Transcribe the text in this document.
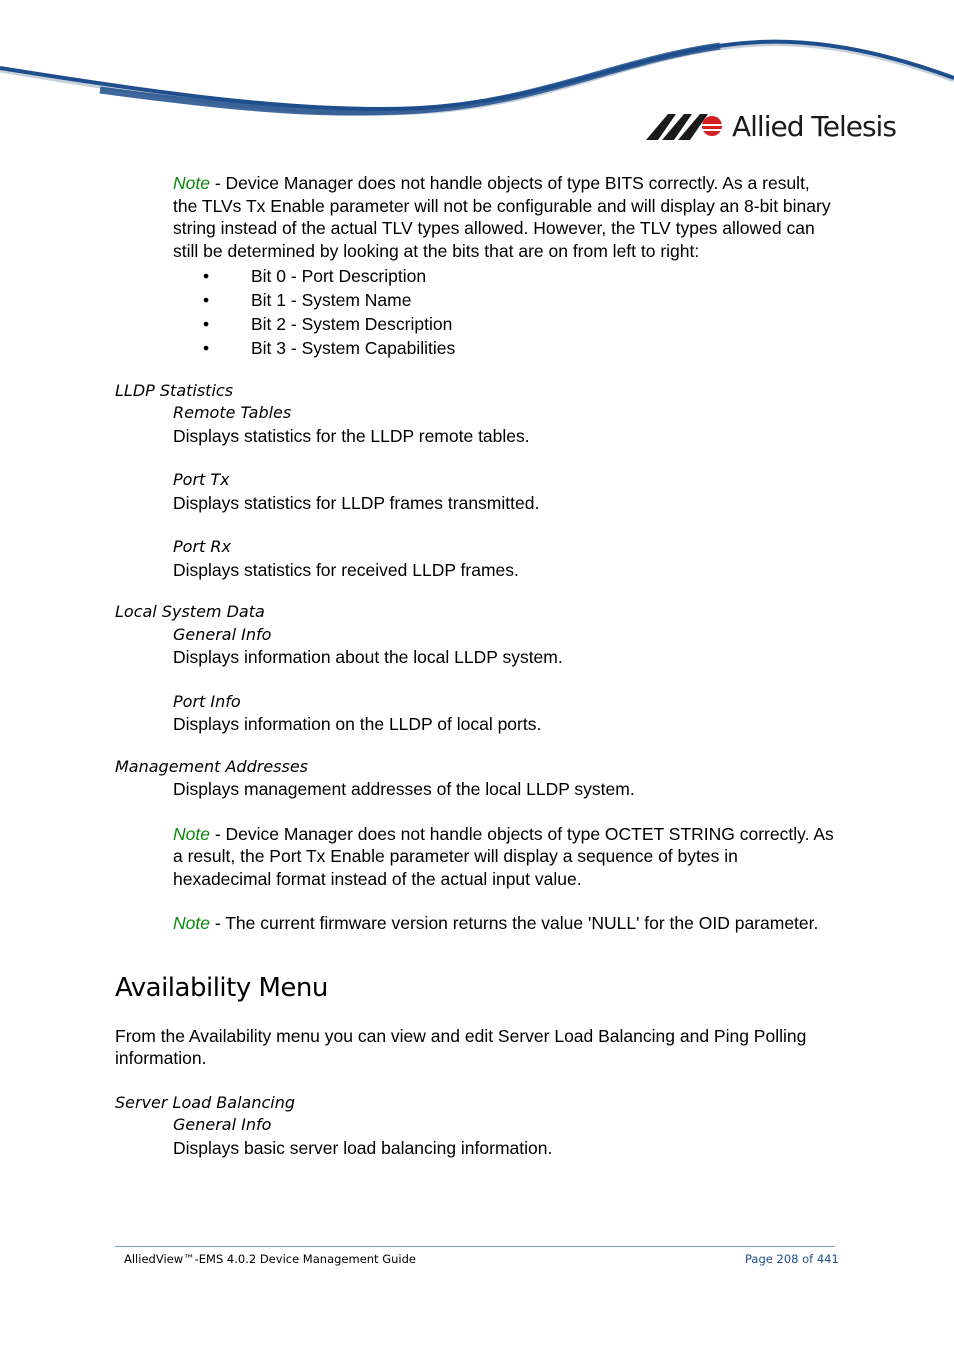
Allied Telesis

Note - Device Manager does not handle objects of type BITS correctly. As a result, the TLVs Tx Enable parameter will not be configurable and will display an 8-bit binary string instead of the actual TLV types allowed. However, the TLV types allowed can still be determined by looking at the bits that are on from left to right:

• Bit 0 - Port Description
• Bit 1 - System Name
• Bit 2 - System Description
• Bit 3 - System Capabilities

LLDP Statistics

Remote Tables

Displays statistics for the LLDP remote tables.

Port Tx

Displays statistics for LLDP frames transmitted.

Port Rx

Displays statistics for received LLDP frames.

Local System Data

General Info

Displays information about the local LLDP system.

Port Info

Displays information on the LLDP of local ports.

Management Addresses

Displays management addresses of the local LLDP system.

Note - Device Manager does not handle objects of type OCTET STRING correctly. As a result, the Port Tx Enable parameter will display a sequence of bytes in hexadecimal format instead of the actual input value.

Note - The current firmware version returns the value 'NULL' for the OID parameter.

Availability Menu

From the Availability menu you can view and edit Server Load Balancing and Ping Polling information.

Server Load Balancing

General Info

Displays basic server load balancing information.

AlliedView™-EMS 4.0.2 Device Management Guide	Page 208 of 441
